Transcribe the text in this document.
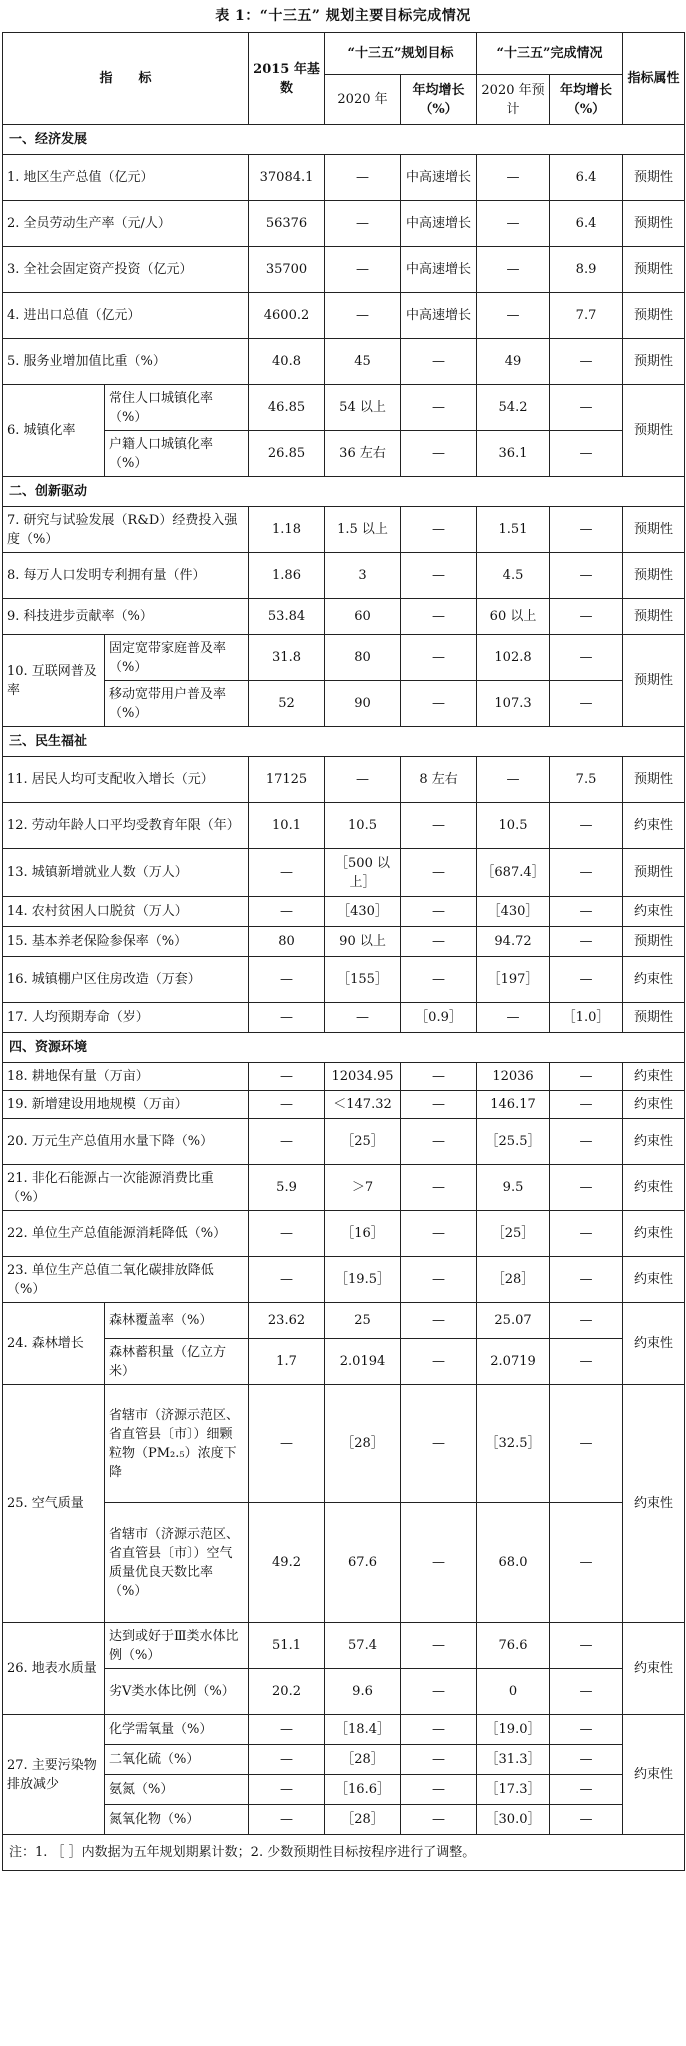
表 1：“十三五” 规划主要目标完成情况
指　　标		2015 年基数	“十三五”规划目标		“十三五”完成情况		指标属性
			2020 年	年均增长（%）	2020 年预计	年均增长（%）	
一、经济发展							
1. 地区生产总值（亿元）		37084.1	—	中高速增长	—	6.4	预期性
2. 全员劳动生产率（元/人）		56376	—	中高速增长	—	6.4	预期性
3. 全社会固定资产投资（亿元）		35700	—	中高速增长	—	8.9	预期性
4. 进出口总值（亿元）		4600.2	—	中高速增长	—	7.7	预期性
5. 服务业增加值比重（%）		40.8	45	—	49	—	预期性
6. 城镇化率	常住人口城镇化率（%）	46.85	54 以上	—	54.2	—	预期性
	户籍人口城镇化率（%）	26.85	36 左右	—	36.1	—	
二、创新驱动							
7. 研究与试验发展（R&D）经费投入强度（%）		1.18	1.5 以上	—	1.51	—	预期性
8. 每万人口发明专利拥有量（件）		1.86	3	—	4.5	—	预期性
9. 科技进步贡献率（%）		53.84	60	—	60 以上	—	预期性
10. 互联网普及率	固定宽带家庭普及率（%）	31.8	80	—	102.8	—	预期性
	移动宽带用户普及率（%）	52	90	—	107.3	—	
三、民生福祉							
11. 居民人均可支配收入增长（元）		17125	—	8 左右	—	7.5	预期性
12. 劳动年龄人口平均受教育年限（年）		10.1	10.5	—	10.5	—	约束性
13. 城镇新增就业人数（万人）		—	［500 以上］	—	［687.4］	—	预期性
14. 农村贫困人口脱贫（万人）		—	［430］	—	［430］	—	约束性
15. 基本养老保险参保率（%）		80	90 以上	—	94.72	—	预期性
16. 城镇棚户区住房改造（万套）		—	［155］	—	［197］	—	约束性
17. 人均预期寿命（岁）		—	—	［0.9］	—	［1.0］	预期性
四、资源环境							
18. 耕地保有量（万亩）		—	12034.95	—	12036	—	约束性
19. 新增建设用地规模（万亩）		—	＜147.32	—	146.17	—	约束性
20. 万元生产总值用水量下降（%）		—	［25］	—	［25.5］	—	约束性
21. 非化石能源占一次能源消费比重（%）		5.9	＞7	—	9.5	—	约束性
22. 单位生产总值能源消耗降低（%）		—	［16］	—	［25］	—	约束性
23. 单位生产总值二氧化碳排放降低（%）		—	［19.5］	—	［28］	—	约束性
24. 森林增长	森林覆盖率（%）	23.62	25	—	25.07	—	约束性
	森林蓄积量（亿立方米）	1.7	2.0194	—	2.0719	—	
25. 空气质量	省辖市（济源示范区、省直管县〔市〕）细颗粒物（PM₂.₅）浓度下降	—	［28］	—	［32.5］	—	约束性
	省辖市（济源示范区、省直管县〔市〕）空气质量优良天数比率（%）	49.2	67.6	—	68.0	—	
26. 地表水质量	达到或好于Ⅲ类水体比例（%）	51.1	57.4	—	76.6	—	约束性
	劣Ⅴ类水体比例（%）	20.2	9.6	—	0	—	
27. 主要污染物排放减少	化学需氧量（%）	—	［18.4］	—	［19.0］	—	约束性
	二氧化硫（%）	—	［28］	—	［31.3］	—	
	氨氮（%）	—	［16.6］	—	［17.3］	—	
	氮氧化物（%）	—	［28］	—	［30.0］	—	
注：1. ［ ］内数据为五年规划期累计数；2. 少数预期性目标按程序进行了调整。							
